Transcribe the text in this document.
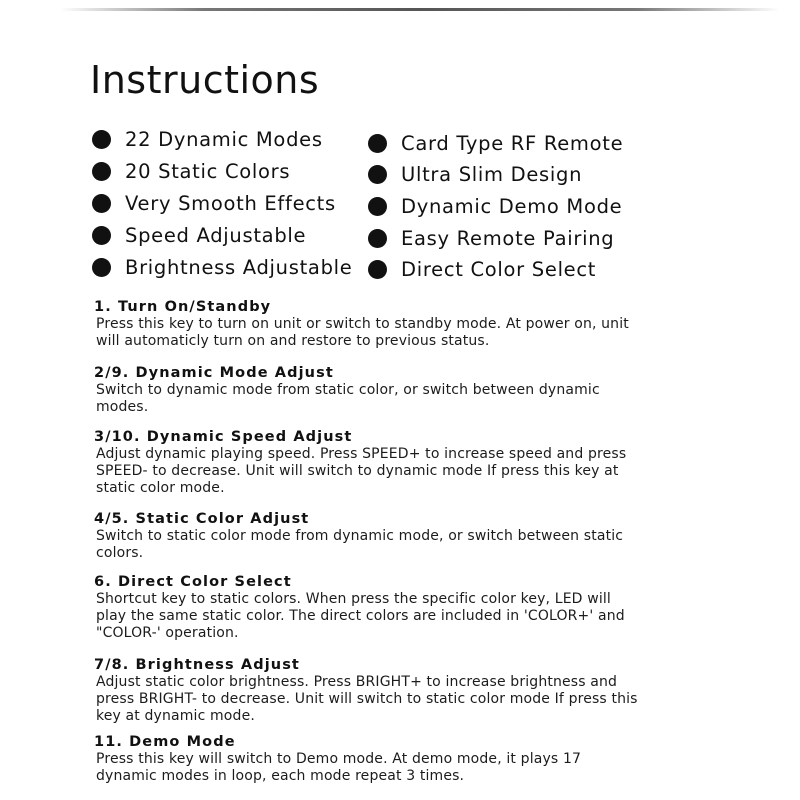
Instructions
22 Dynamic Modes
20 Static Colors
Very Smooth Effects
Speed Adjustable
Brightness Adjustable
Card Type RF Remote
Ultra Slim Design
Dynamic Demo Mode
Easy Remote Pairing
Direct Color Select
1. Turn On/Standby
Press this key to turn on unit or switch to standby mode. At power on, unit will automaticly turn on and restore to previous status.
2/9. Dynamic Mode Adjust
Switch to dynamic mode from static color, or switch between dynamic modes.
3/10. Dynamic Speed Adjust
Adjust dynamic playing speed. Press SPEED+ to increase speed and press SPEED- to decrease. Unit will switch to dynamic mode If press this key at static color mode.
4/5. Static Color Adjust
Switch to static color mode from dynamic mode, or switch between static colors.
6. Direct Color Select
Shortcut key to static colors. When press the specific color key, LED will play the same static color. The direct colors are included in 'COLOR+' and "COLOR-' operation.
7/8. Brightness Adjust
Adjust static color brightness. Press BRIGHT+ to increase brightness and press BRIGHT- to decrease. Unit will switch to static color mode If press this key at dynamic mode.
11. Demo Mode
Press this key will switch to Demo mode. At demo mode, it plays 17 dynamic modes in loop, each mode repeat 3 times.
